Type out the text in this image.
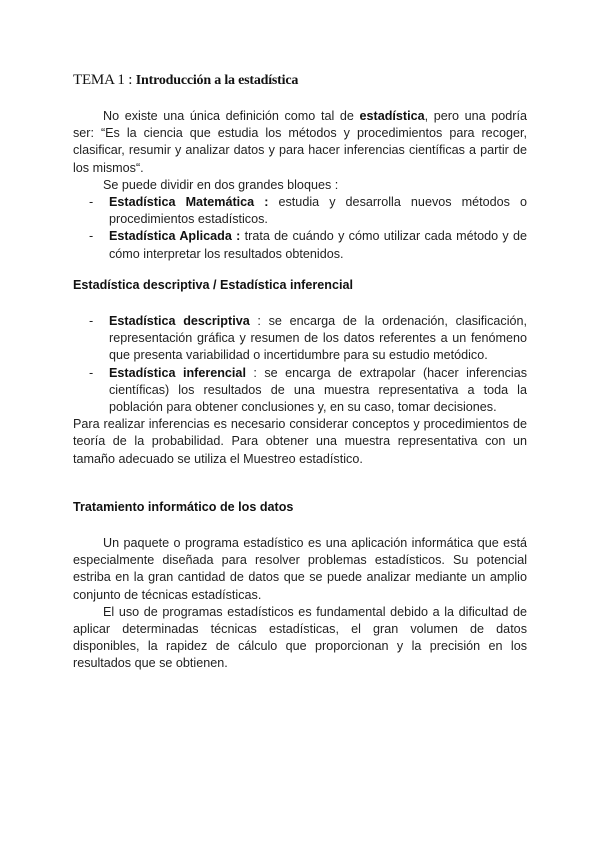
TEMA 1 : Introducción a la estadística

No existe una única definición como tal de estadística, pero una podría ser: “Es la ciencia que estudia los métodos y procedimientos para recoger, clasificar, resumir y analizar datos y para hacer inferencias científicas a partir de los mismos“.

Se puede dividir en dos grandes bloques :

- Estadística Matemática : estudia y desarrolla nuevos métodos o procedimientos estadísticos.
- Estadística Aplicada : trata de cuándo y cómo utilizar cada método y de cómo interpretar los resultados obtenidos.
Estadística descriptiva / Estadística inferencial
- Estadística descriptiva : se encarga de la ordenación, clasificación, representación gráfica y resumen de los datos referentes a un fenómeno que presenta variabilidad o incertidumbre para su estudio metódico.
- Estadística inferencial : se encarga de extrapolar (hacer inferencias científicas) los resultados de una muestra representativa a toda la población para obtener conclusiones y, en su caso, tomar decisiones.

Para realizar inferencias es necesario considerar conceptos y procedimientos de teoría de la probabilidad. Para obtener una muestra representativa con un tamaño adecuado se utiliza el Muestreo estadístico.

Tratamiento informático de los datos

Un paquete o programa estadístico es una aplicación informática que está especialmente diseñada para resolver problemas estadísticos. Su potencial estriba en la gran cantidad de datos que se puede analizar mediante un amplio conjunto de técnicas estadísticas.

El uso de programas estadísticos es fundamental debido a la dificultad de aplicar determinadas técnicas estadísticas, el gran volumen de datos disponibles, la rapidez de cálculo que proporcionan y la precisión en los resultados que se obtienen.
